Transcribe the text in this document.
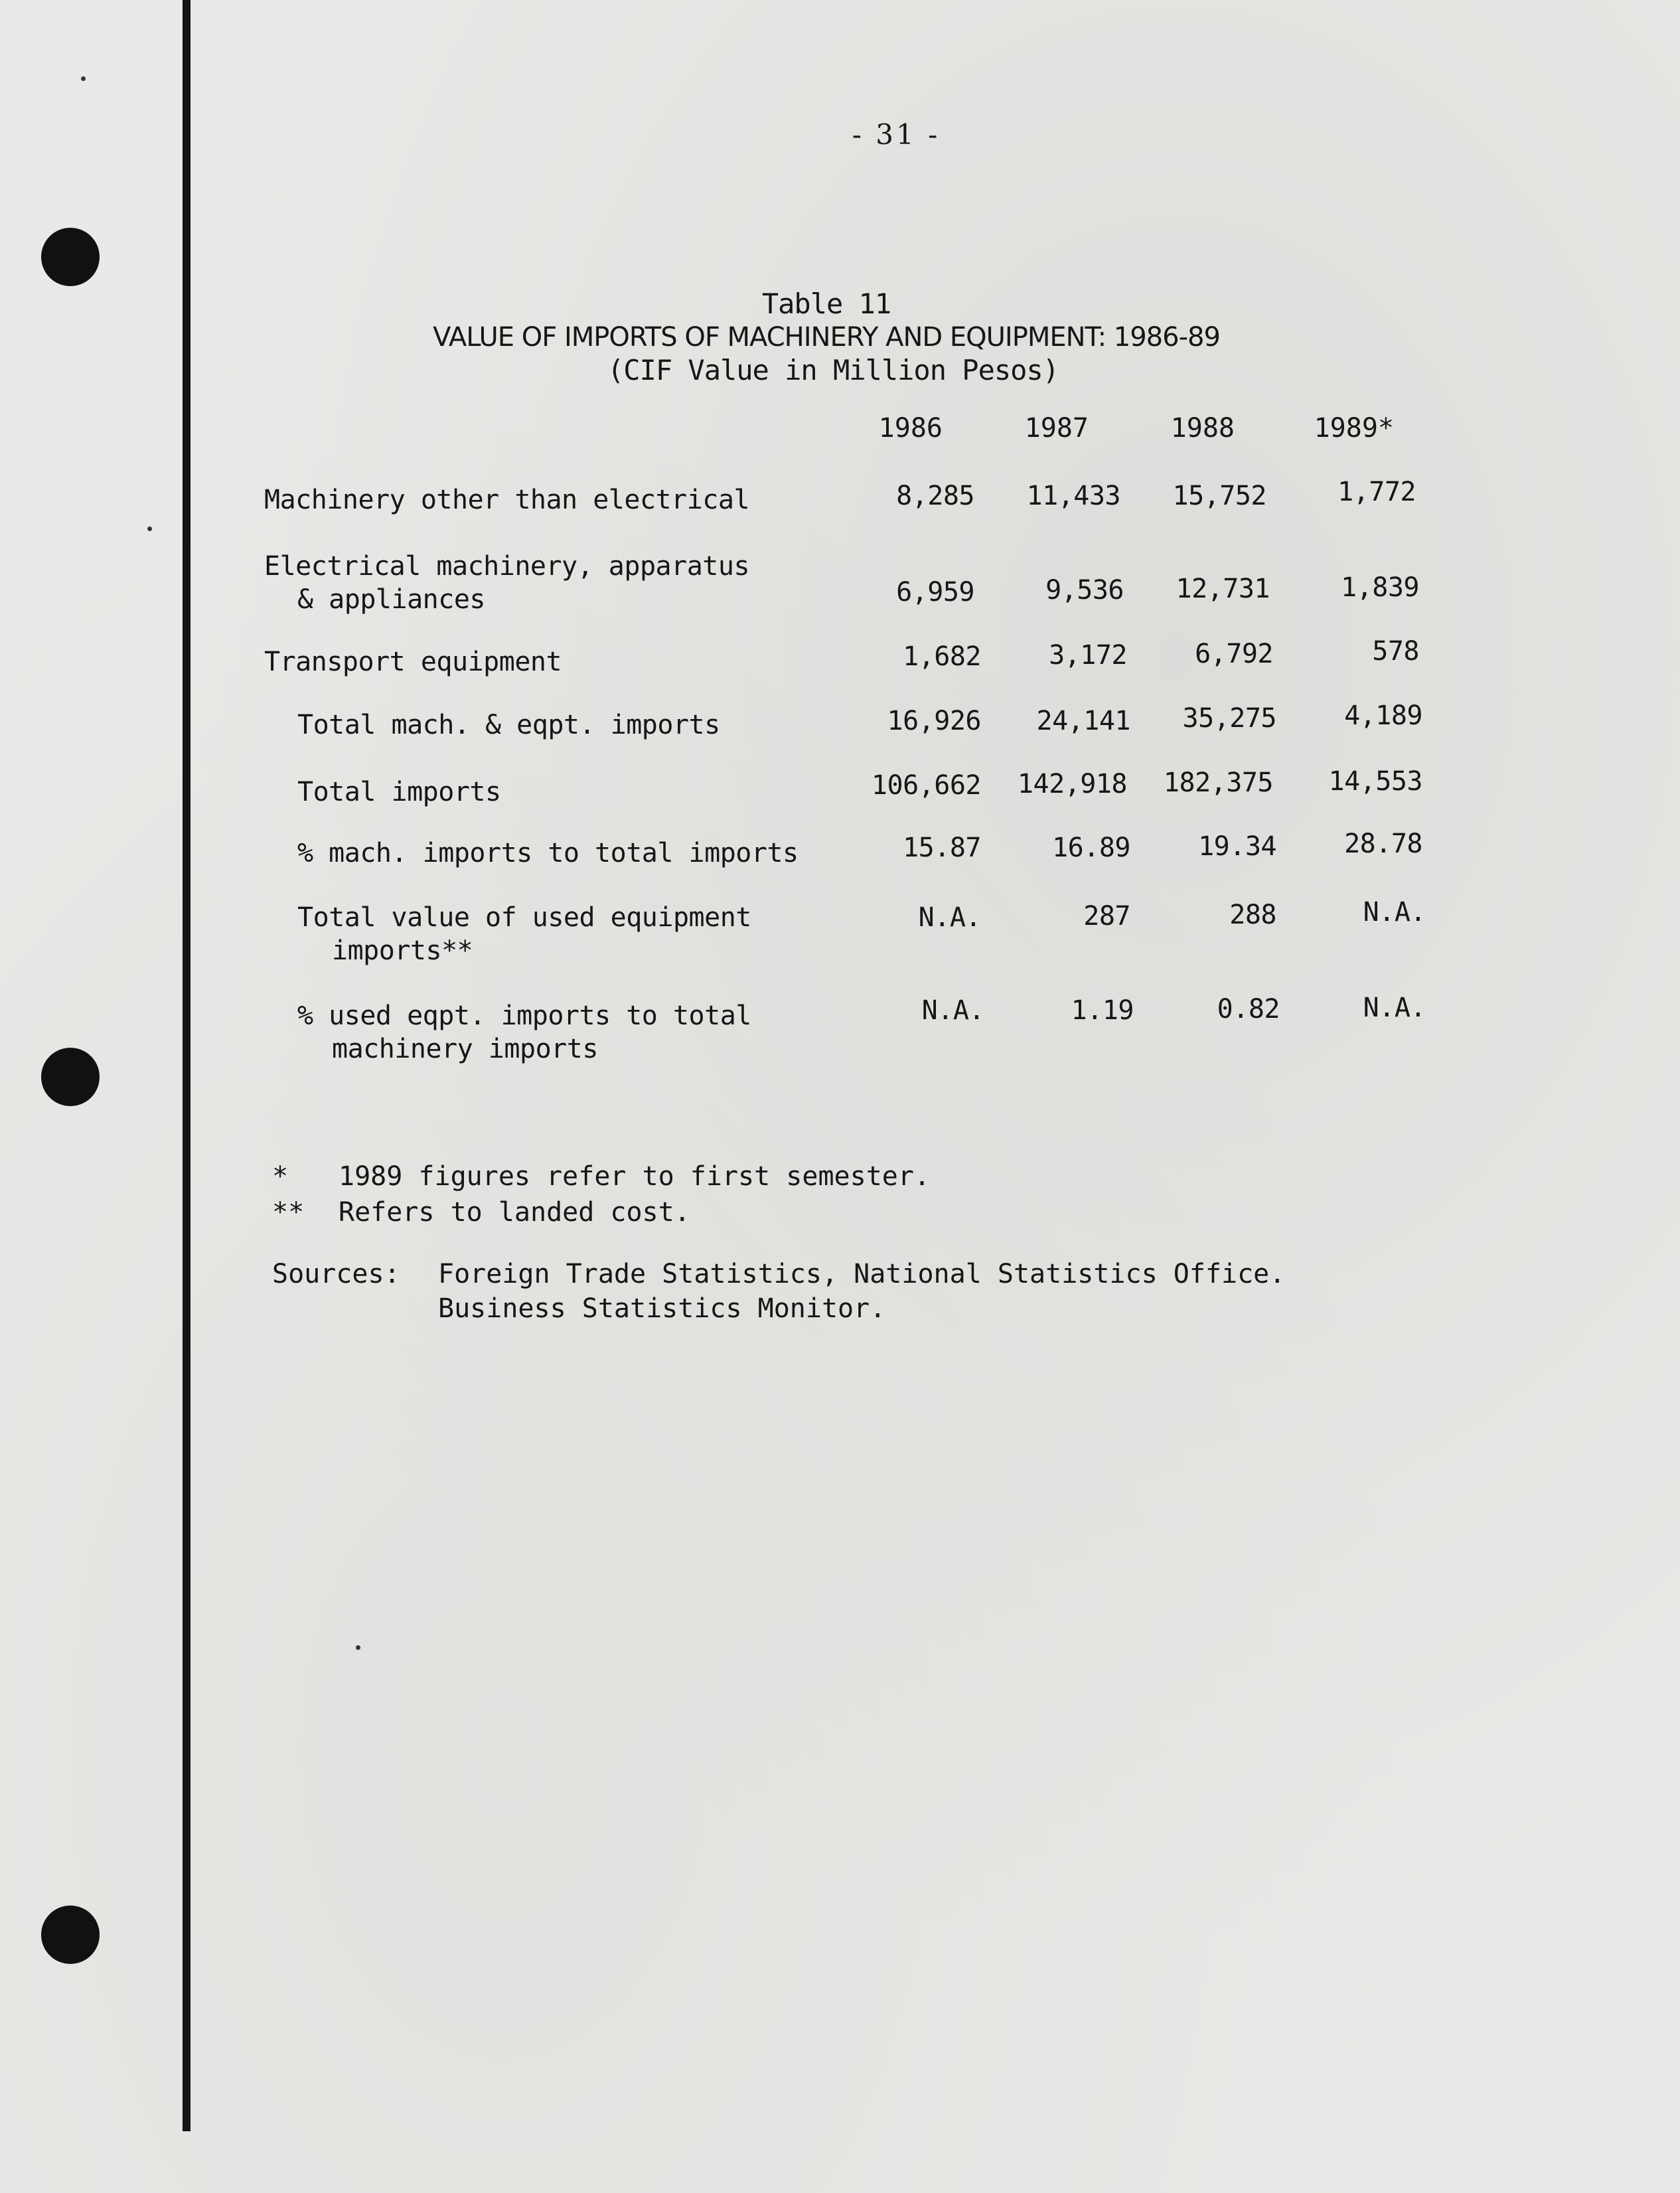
- 31 -
Table 11
VALUE OF IMPORTS OF MACHINERY AND EQUIPMENT: 1986-89
(CIF Value in Million Pesos)
1986	1987	1988	1989*
Machinery other than electrical	8,285	11,433	15,752	1,772
Electrical machinery, apparatus
& appliances	6,959	9,536	12,731	1,839
Transport equipment	1,682	3,172	6,792	578
Total mach. & eqpt. imports	16,926	24,141	35,275	4,189
Total imports	106,662	142,918	182,375	14,553
% mach. imports to total imports	15.87	16.89	19.34	28.78
Total value of used equipment
imports**
N.A.	287	288	N.A.
% used eqpt. imports to total
machinery imports
N.A.	1.19	0.82	N.A.
* 1989 figures refer to first semester.
** Refers to landed cost.
Sources: Foreign Trade Statistics, National Statistics Office.
Business Statistics Monitor.
